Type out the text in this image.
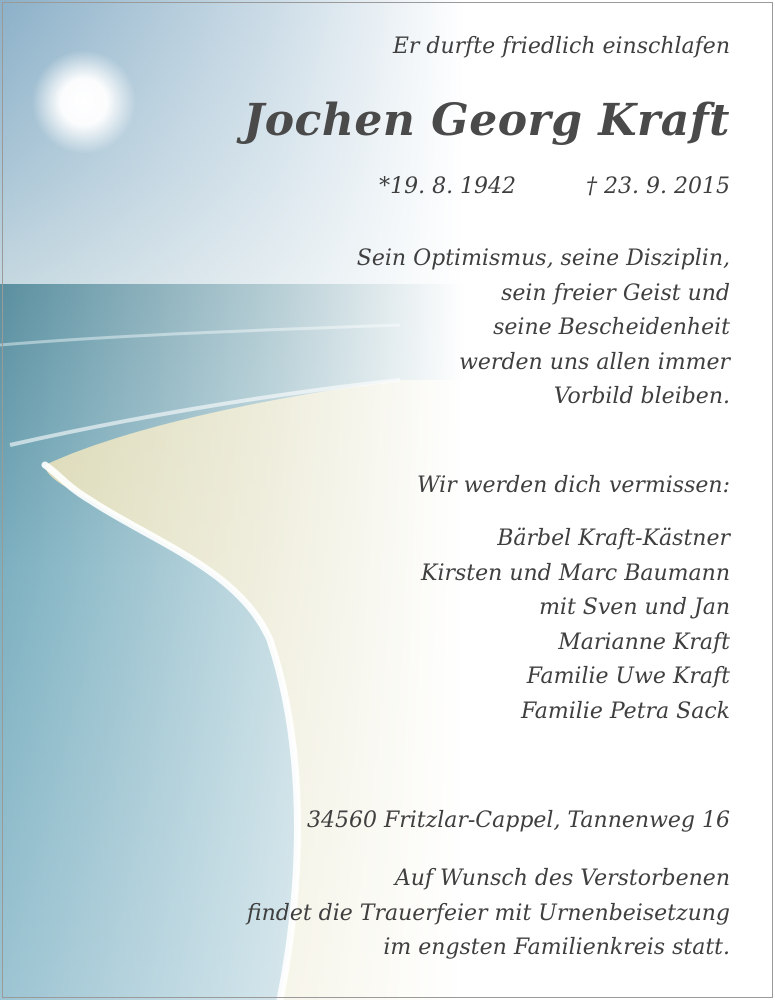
Er durfte friedlich einschlafen

Jochen Georg Kraft
*19. 8. 1942	† 23. 9. 2015
Sein Optimismus, seine Disziplin,
sein freier Geist und
seine Bescheidenheit
werden uns allen immer
Vorbild bleiben.

Wir werden dich vermissen:

Bärbel Kraft-Kästner
Kirsten und Marc Baumann
mit Sven und Jan
Marianne Kraft
Familie Uwe Kraft
Familie Petra Sack

34560 Fritzlar-Cappel, Tannenweg 16

Auf Wunsch des Verstorbenen
findet die Trauerfeier mit Urnenbeisetzung
im engsten Familienkreis statt.
